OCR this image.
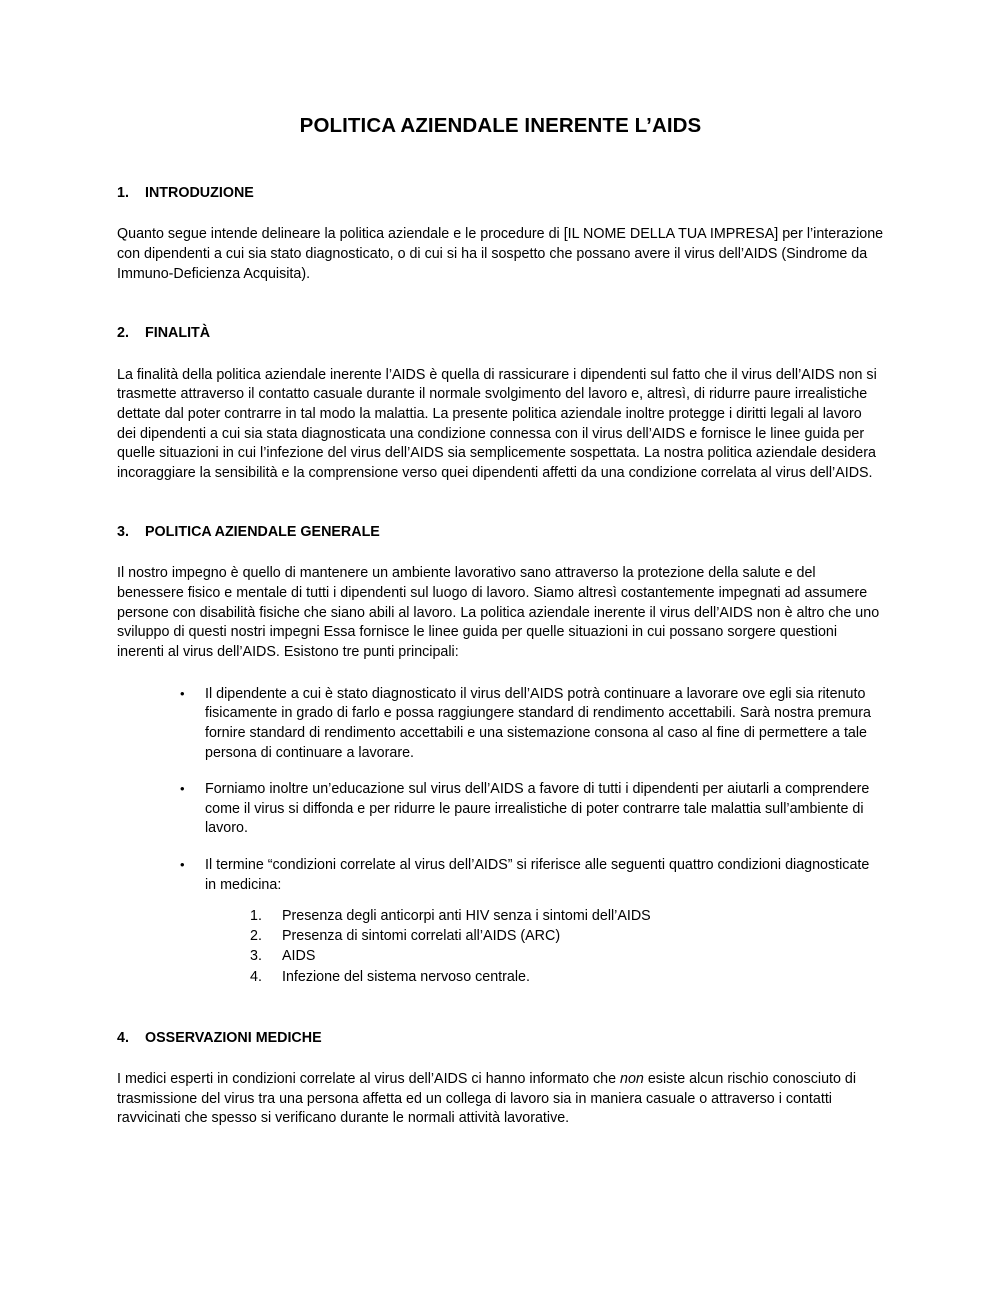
POLITICA AZIENDALE INERENTE L’AIDS
1.	INTRODUZIONE

Quanto segue intende delineare la politica aziendale e le procedure di [IL NOME DELLA TUA IMPRESA] per l’interazione con dipendenti a cui sia stato diagnosticato, o di cui si ha il sospetto che possano avere il virus dell’AIDS (Sindrome da Immuno-Deficienza Acquisita).

2.	FINALITÀ

La finalità della politica aziendale inerente l’AIDS è quella di rassicurare i dipendenti sul fatto che il virus dell’AIDS non si trasmette attraverso il contatto casuale durante il normale svolgimento del lavoro e, altresì, di ridurre paure irrealistiche dettate dal poter contrarre in tal modo la malattia. La presente politica aziendale inoltre protegge i diritti legali al lavoro dei dipendenti a cui sia stata diagnosticata una condizione connessa con il virus dell’AIDS e fornisce le linee guida per quelle situazioni in cui l’infezione del virus dell’AIDS sia semplicemente sospettata. La nostra politica aziendale desidera incoraggiare la sensibilità e la comprensione verso quei dipendenti affetti da una condizione correlata al virus dell’AIDS.

3.	POLITICA AZIENDALE GENERALE

Il nostro impegno è quello di mantenere un ambiente lavorativo sano attraverso la protezione della salute e del benessere fisico e mentale di tutti i dipendenti sul luogo di lavoro. Siamo altresì costantemente impegnati ad assumere persone con disabilità fisiche che siano abili al lavoro. La politica aziendale inerente il virus dell’AIDS non è altro che uno sviluppo di questi nostri impegni Essa fornisce le linee guida per quelle situazioni in cui possano sorgere questioni inerenti al virus dell’AIDS. Esistono tre punti principali:

•	Il dipendente a cui è stato diagnosticato il virus dell’AIDS potrà continuare a lavorare ove egli sia ritenuto fisicamente in grado di farlo e possa raggiungere standard di rendimento accettabili. Sarà nostra premura fornire standard di rendimento accettabili e una sistemazione consona al caso al fine di permettere a tale persona di continuare a lavorare.
•	Forniamo inoltre un’educazione sul virus dell’AIDS a favore di tutti i dipendenti per aiutarli a comprendere come il virus si diffonda e per ridurre le paure irrealistiche di poter contrarre tale malattia sull’ambiente di lavoro.
•	Il termine “condizioni correlate al virus dell’AIDS” si riferisce alle seguenti quattro condizioni diagnosticate in medicina:
1.	Presenza degli anticorpi anti HIV senza i sintomi dell’AIDS
2.	Presenza di sintomi correlati all’AIDS (ARC)
3.	AIDS
4.	Infezione del sistema nervoso centrale.
4.	OSSERVAZIONI MEDICHE

I medici esperti in condizioni correlate al virus dell’AIDS ci hanno informato che non esiste alcun rischio conosciuto di trasmissione del virus tra una persona affetta ed un collega di lavoro sia in maniera casuale o attraverso i contatti ravvicinati che spesso si verificano durante le normali attività lavorative.
